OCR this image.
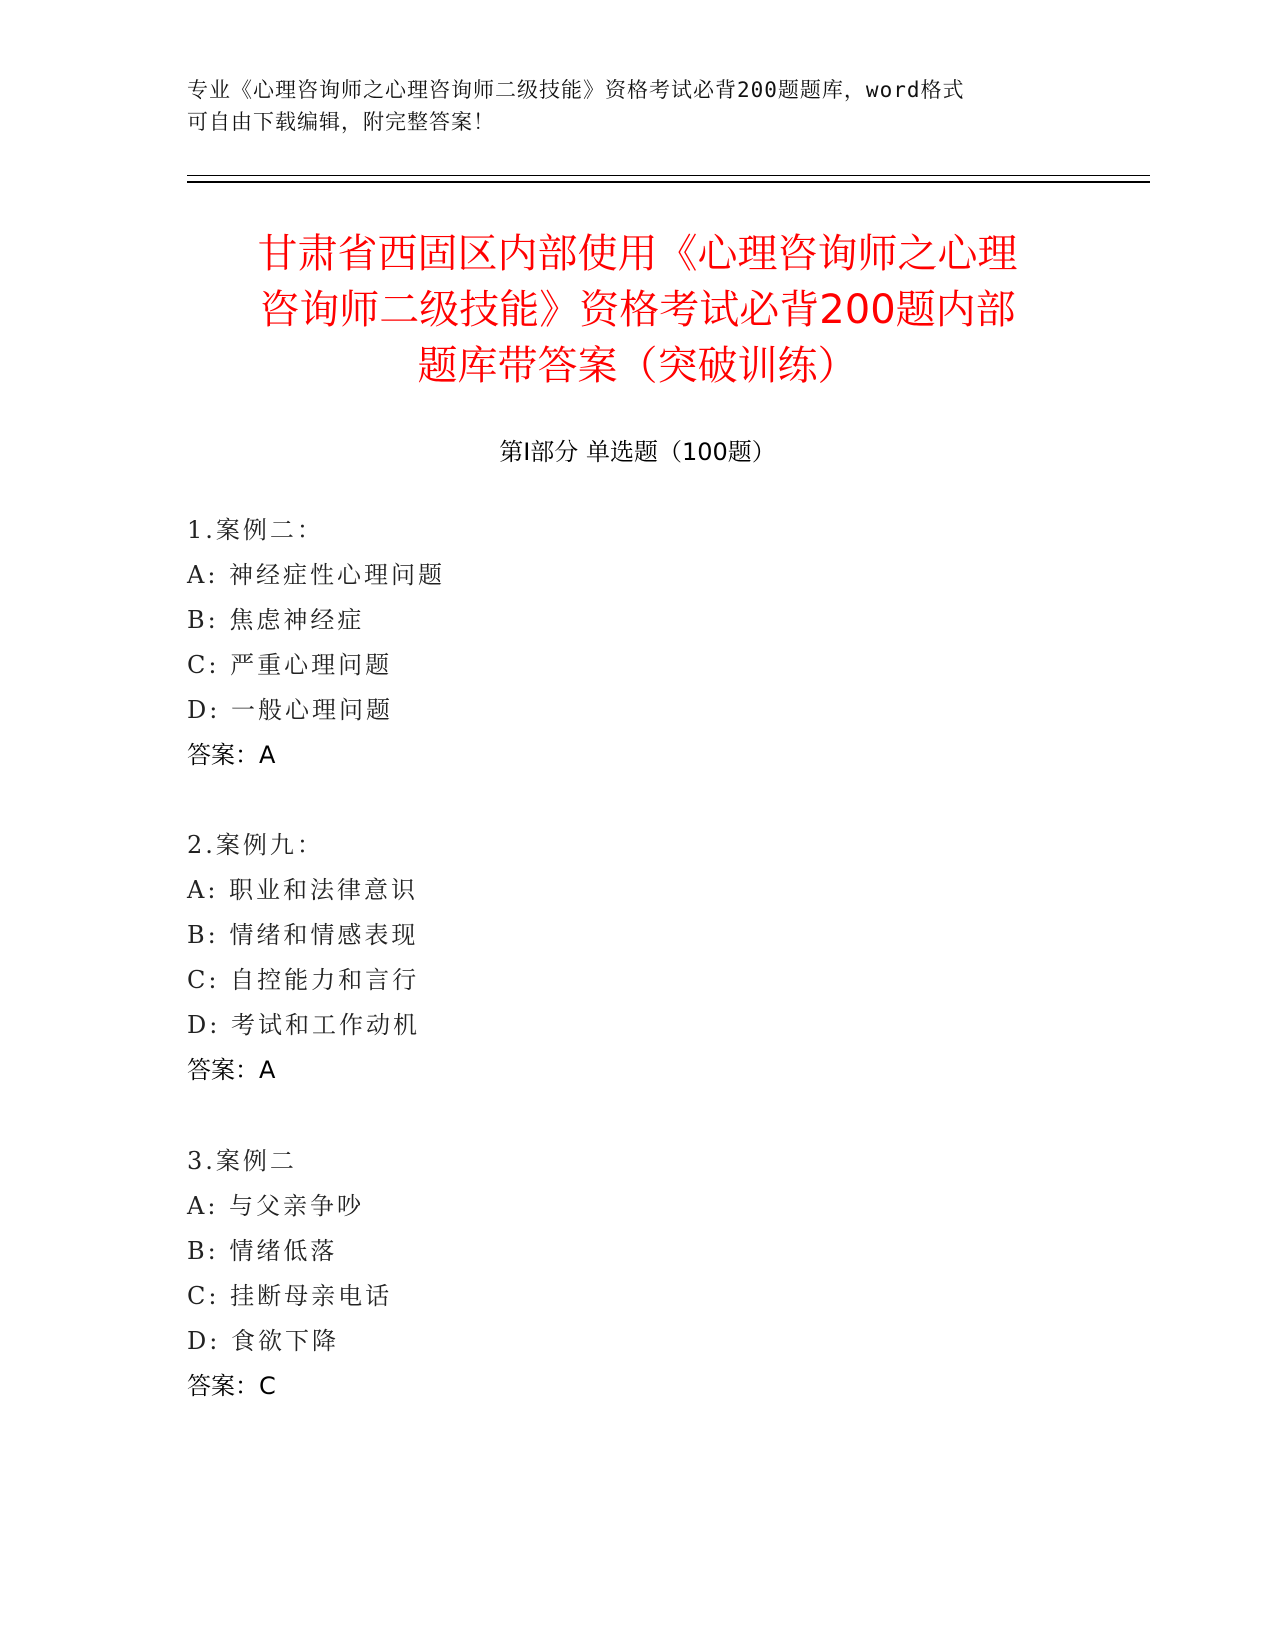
专业《心理咨询师之心理咨询师二级技能》资格考试必背200题题库，word格式
可自由下载编辑，附完整答案！
甘肃省西固区内部使用《心理咨询师之心理
咨询师二级技能》资格考试必背200题内部
题库带答案（突破训练）
第Ⅰ部分 单选题（100题）
1.案例二：
A: 神经症性心理问题
B: 焦虑神经症
C: 严重心理问题
D: 一般心理问题
答案：A
2.案例九：
A: 职业和法律意识
B: 情绪和情感表现
C: 自控能力和言行
D: 考试和工作动机
答案：A
3.案例二
A: 与父亲争吵
B: 情绪低落
C: 挂断母亲电话
D: 食欲下降
答案：C
